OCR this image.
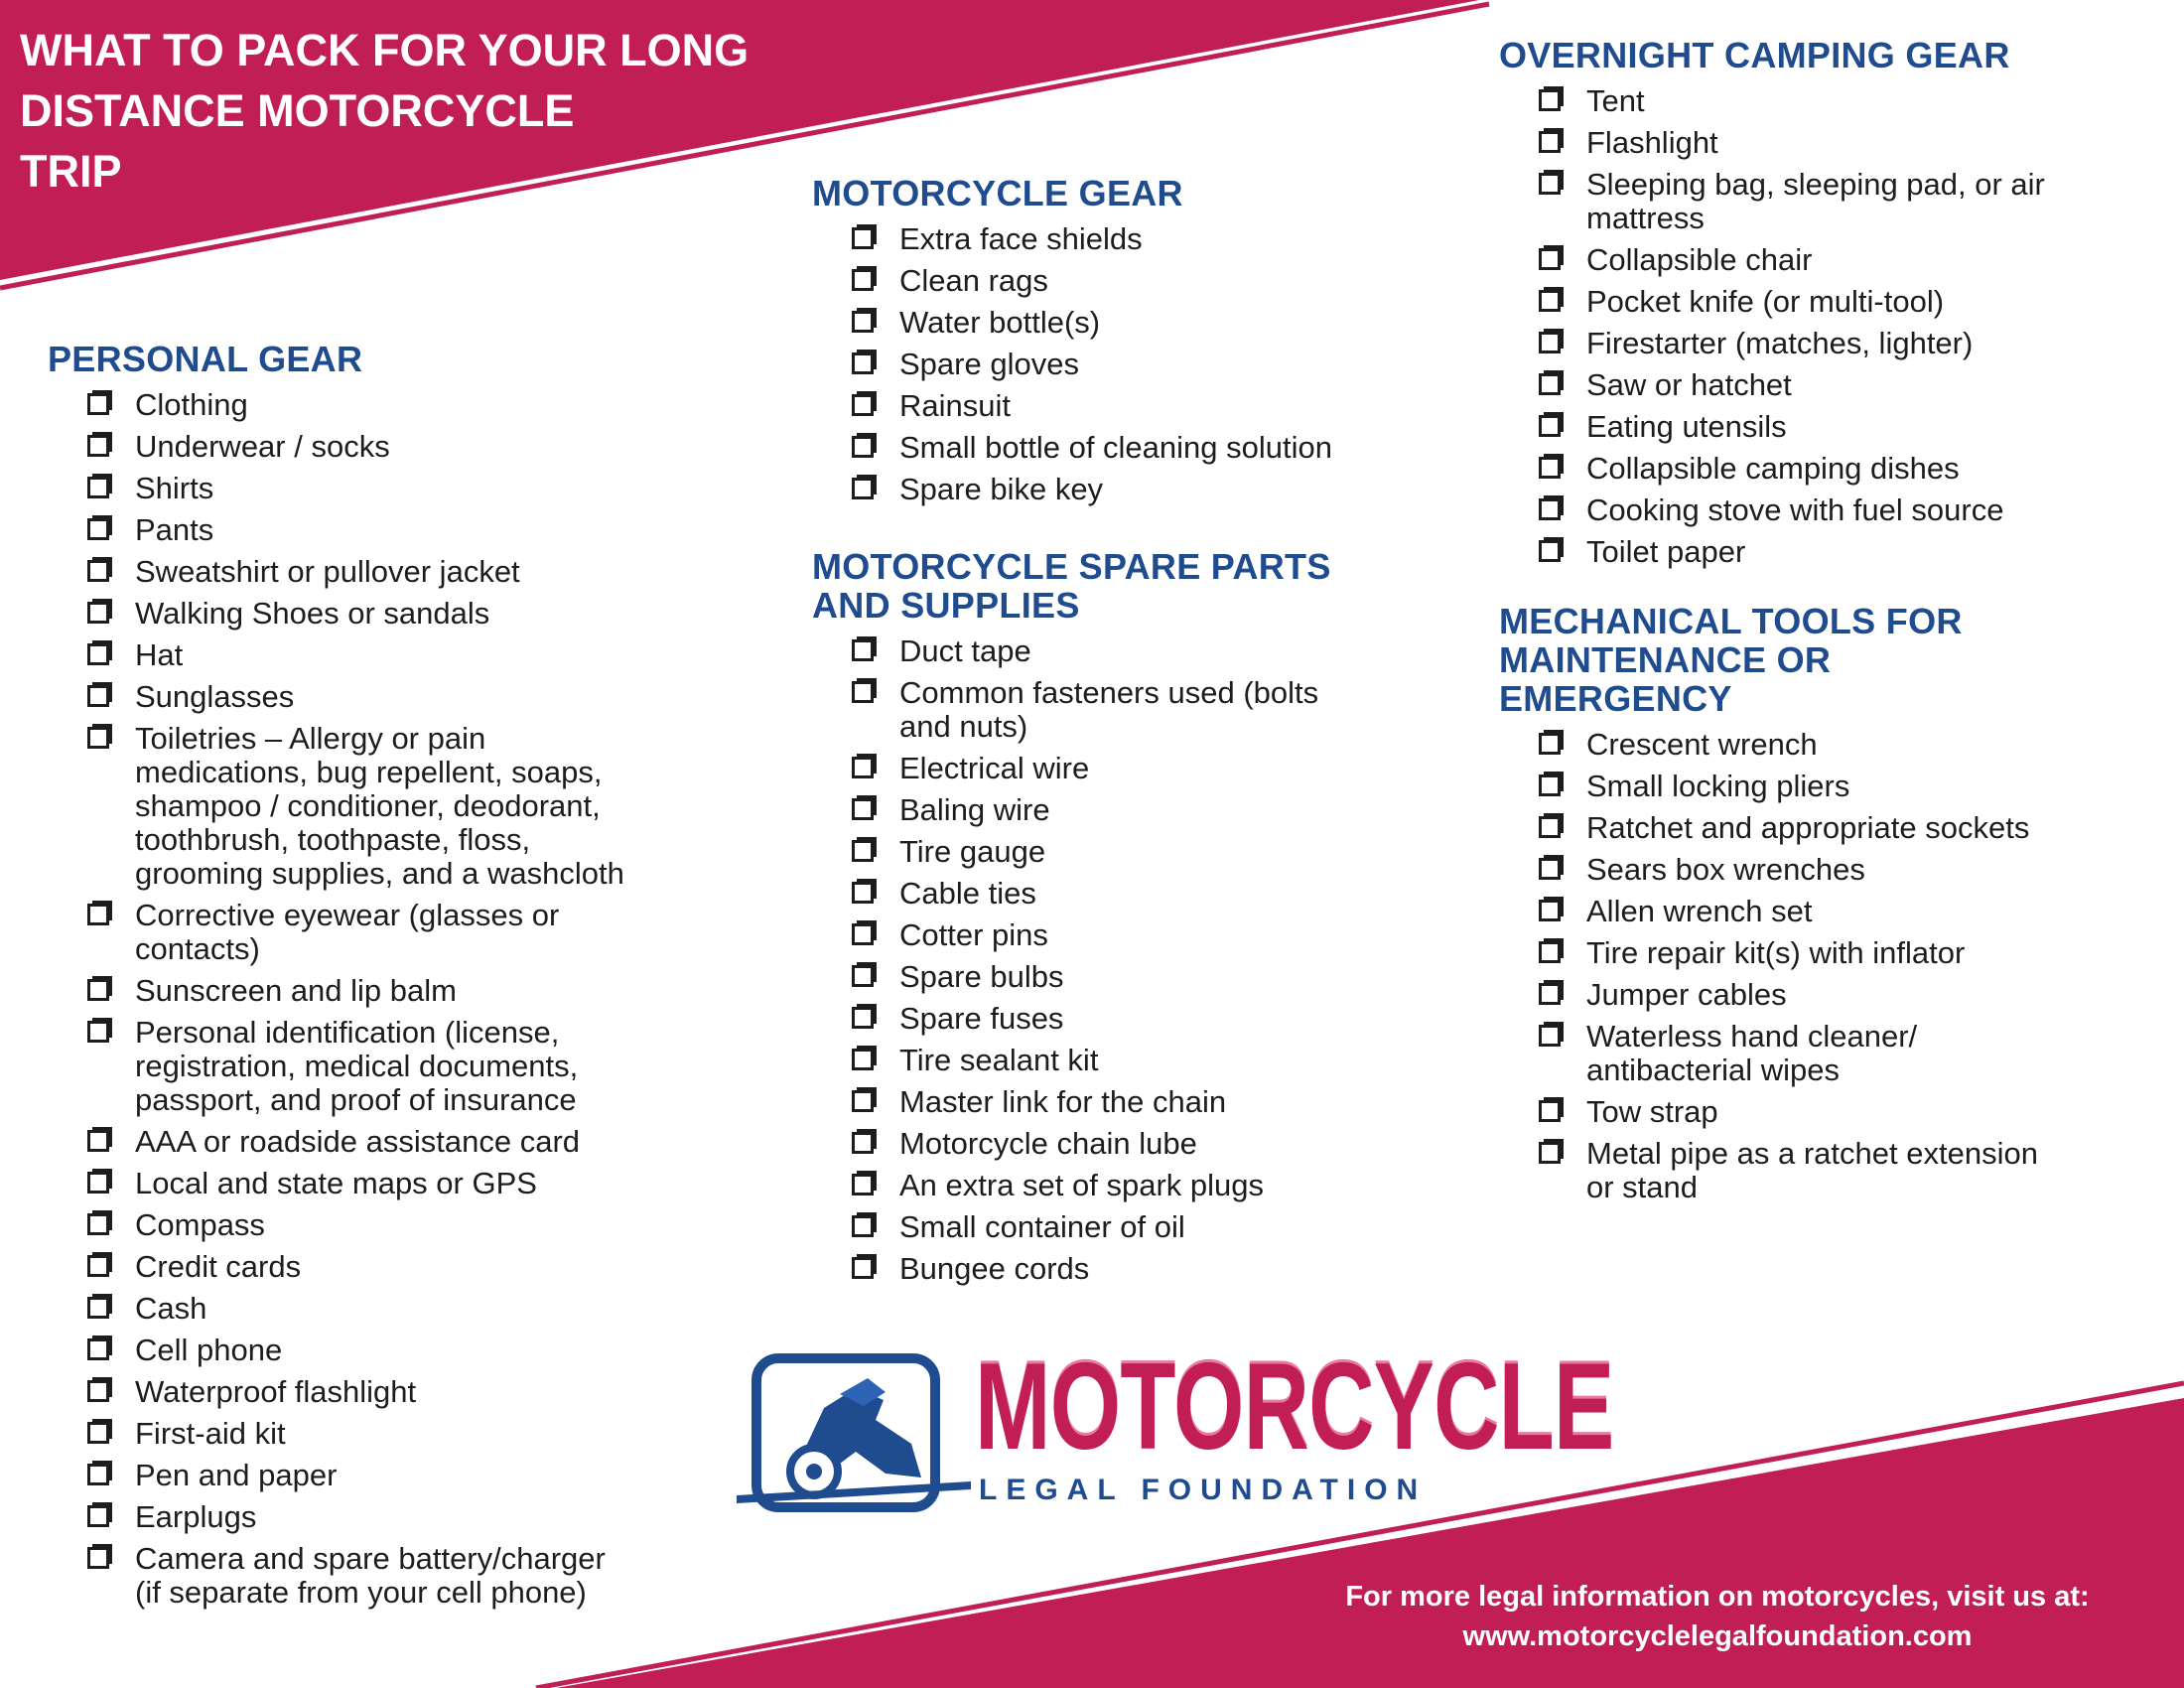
WHAT TO PACK FOR YOUR LONG
DISTANCE MOTORCYCLE
TRIP
PERSONAL GEAR
Clothing
Underwear / socks
Shirts
Pants
Sweatshirt or pullover jacket
Walking Shoes or sandals
Hat
Sunglasses
Toiletries – Allergy or pain
medications, bug repellent, soaps,
shampoo / conditioner, deodorant,
toothbrush, toothpaste, floss,
grooming supplies, and a washcloth
Corrective eyewear (glasses or
contacts)
Sunscreen and lip balm
Personal identification (license,
registration, medical documents,
passport, and proof of insurance
AAA or roadside assistance card
Local and state maps or GPS
Compass
Credit cards
Cash
Cell phone
Waterproof flashlight
First-aid kit
Pen and paper
Earplugs
Camera and spare battery/charger
(if separate from your cell phone)
MOTORCYCLE GEAR
Extra face shields
Clean rags
Water bottle(s)
Spare gloves
Rainsuit
Small bottle of cleaning solution
Spare bike key
MOTORCYCLE SPARE PARTS
AND SUPPLIES
Duct tape
Common fasteners used (bolts
and nuts)
Electrical wire
Baling wire
Tire gauge
Cable ties
Cotter pins
Spare bulbs
Spare fuses
Tire sealant kit
Master link for the chain
Motorcycle chain lube
An extra set of spark plugs
Small container of oil
Bungee cords
OVERNIGHT CAMPING GEAR
Tent
Flashlight
Sleeping bag, sleeping pad, or air
mattress
Collapsible chair
Pocket knife (or multi-tool)
Firestarter (matches, lighter)
Saw or hatchet
Eating utensils
Collapsible camping dishes
Cooking stove with fuel source
Toilet paper
MECHANICAL TOOLS FOR
MAINTENANCE OR
EMERGENCY
Crescent wrench
Small locking pliers
Ratchet and appropriate sockets
Sears box wrenches
Allen wrench set
Tire repair kit(s) with inflator
Jumper cables
Waterless hand cleaner/
antibacterial wipes
Tow strap
Metal pipe as a ratchet extension
or stand

MOTORCYCLE

LEGAL FOUNDATION

For more legal information on motorcycles, visit us at:
www.motorcyclelegalfoundation.com
